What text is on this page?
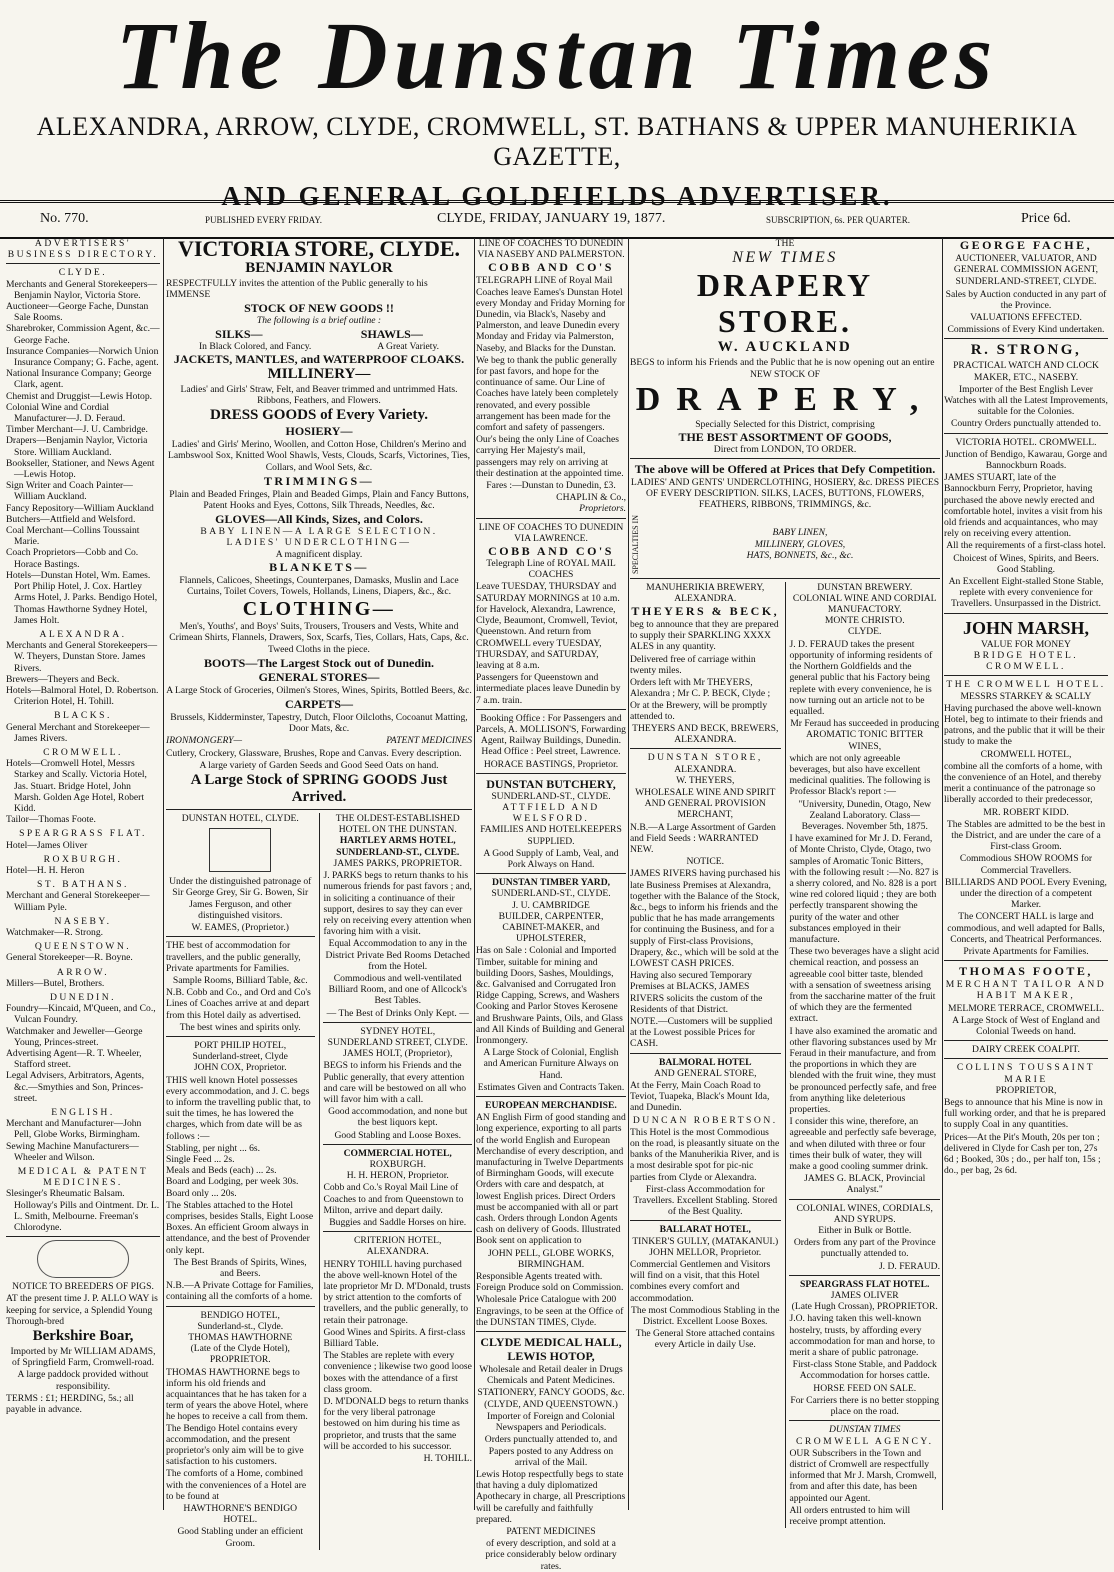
The Dunstan Times
ALEXANDRA, ARROW, CLYDE, CROMWELL, ST. BATHANS & UPPER MANUHERIKIA GAZETTE,
AND GENERAL GOLDFIELDS ADVERTISER.
No. 770.	PUBLISHED EVERY FRIDAY.	CLYDE, FRIDAY, JANUARY 19, 1877.	SUBSCRIPTION, 6s. PER QUARTER.	Price 6d.
ADVERTISERS'
BUSINESS DIRECTORY.
CLYDE.
Merchants and General Storekeepers—Benjamin Naylor, Victoria Store.
Auctioneer—George Fache, Dunstan Sale Rooms.
Sharebroker, Commission Agent, &c.—George Fache.
Insurance Companies—Norwich Union Insurance Company; G. Fache, agent.
National Insurance Company; George Clark, agent.
Chemist and Druggist—Lewis Hotop.
Colonial Wine and Cordial Manufacturer—J. D. Feraud.
Timber Merchant—J. U. Cambridge.
Drapers—Benjamin Naylor, Victoria Store. William Auckland.
Bookseller, Stationer, and News Agent—Lewis Hotop.
Sign Writer and Coach Painter—William Auckland.
Fancy Repository—William Auckland
Butchers—Attfield and Welsford.
Coal Merchant—Collins Toussaint Marie.
Coach Proprietors—Cobb and Co. Horace Bastings.
Hotels—Dunstan Hotel, Wm. Eames. Port Philip Hotel, J. Cox. Hartley Arms Hotel, J. Parks. Bendigo Hotel, Thomas Hawthorne Sydney Hotel, James Holt.
ALEXANDRA.
Merchants and General Storekeepers—W. Theyers, Dunstan Store. James Rivers.
Brewers—Theyers and Beck.
Hotels—Balmoral Hotel, D. Robertson. Criterion Hotel, H. Tohill.
BLACKS.
General Merchant and Storekeeper—James Rivers.
CROMWELL.
Hotels—Cromwell Hotel, Messrs Starkey and Scally. Victoria Hotel, Jas. Stuart. Bridge Hotel, John Marsh. Golden Age Hotel, Robert Kidd.
Tailor—Thomas Foote.
SPEARGRASS FLAT.
Hotel—James Oliver
ROXBURGH.
Hotel—H. H. Heron
ST. BATHANS.
Merchant and General Storekeeper—William Pyle.
NASEBY.
Watchmaker—R. Strong.
QUEENSTOWN.
General Storekeeper—R. Boyne.
ARROW.
Millers—Butel, Brothers.
DUNEDIN.
Foundry—Kincaid, M'Queen, and Co., Vulcan Foundry.
Watchmaker and Jeweller—George Young, Princes-street.
Advertising Agent—R. T. Wheeler, Stafford street.
Legal Advisers, Arbitrators, Agents, &c.—Smythies and Son, Princes-street.
ENGLISH.
Merchant and Manufacturer—John Pell, Globe Works, Birmingham.
Sewing Machine Manufacturers—Wheeler and Wilson.
MEDICAL & PATENT MEDICINES.
Slesinger's Rheumatic Balsam. Holloway's Pills and Ointment. Dr. L. L. Smith, Melbourne. Freeman's Chlorodyne.
NOTICE TO BREEDERS OF PIGS.

AT the present time J. P. ALLO WAY is keeping for service, a Splendid Young Thorough-bred

Berkshire Boar,

Imported by Mr WILLIAM ADAMS, of Springfield Farm, Cromwell-road.

A large paddock provided without responsibility.

TERMS : £1; HERDING, 5s.; all payable in advance.

VICTORIA STORE, CLYDE.
BENJAMIN NAYLOR

RESPECTFULLY invites the attention of the Public generally to his IMMENSE

STOCK OF NEW GOODS !!
The following is a brief outline :
SILKS—	SHAWLS—
In Black Colored, and Fancy.	A Great Variety.
JACKETS, MANTLES, and WATERPROOF CLOAKS.
MILLINERY—

Ladies' and Girls' Straw, Felt, and Beaver trimmed and untrimmed Hats. Ribbons, Feathers, and Flowers.

DRESS GOODS of Every Variety.
HOSIERY—

Ladies' and Girls' Merino, Woollen, and Cotton Hose, Children's Merino and Lambswool Sox, Knitted Wool Shawls, Vests, Clouds, Scarfs, Victorines, Ties, Collars, and Wool Sets, &c.

TRIMMINGS—

Plain and Beaded Fringes, Plain and Beaded Gimps, Plain and Fancy Buttons, Patent Hooks and Eyes, Cottons, Silk Threads, Needles, &c.

GLOVES—All Kinds, Sizes, and Colors.
BABY LINEN—A LARGE SELECTION.
LADIES' UNDERCLOTHING—
A magnificent display.
BLANKETS—

Flannels, Calicoes, Sheetings, Counterpanes, Damasks, Muslin and Lace Curtains, Toilet Covers, Towels, Hollands, Linens, Diapers, &c., &c.

CLOTHING—

Men's, Youths', and Boys' Suits, Trousers, Trousers and Vests, White and Crimean Shirts, Flannels, Drawers, Sox, Scarfs, Ties, Collars, Hats, Caps, &c. Tweed Cloths in the piece.

BOOTS—The Largest Stock out of Dunedin.
GENERAL STORES—

A Large Stock of Groceries, Oilmen's Stores, Wines, Spirits, Bottled Beers, &c.

CARPETS—

Brussels, Kidderminster, Tapestry, Dutch, Floor Oilcloths, Cocoanut Matting, Door Mats, &c.

IRONMONGERY—	PATENT MEDICINES

Cutlery, Crockery, Glassware, Brushes, Rope and Canvas. Every description.

A large variety of Garden Seeds and Good Seed Oats on hand.

A Large Stock of SPRING GOODS Just Arrived.
DUNSTAN HOTEL, CLYDE.

Under the distinguished patronage of Sir George Grey, Sir G. Bowen, Sir James Ferguson, and other distinguished visitors.

W. EAMES, (Proprietor.)

THE best of accommodation for travellers, and the public generally, Private apartments for Families.

Sample Rooms, Billiard Table, &c.

N.B. Cobb and Co., and Ord and Co's Lines of Coaches arrive at and depart from this Hotel daily as advertised.

The best wines and spirits only.

PORT PHILIP HOTEL,
Sunderland-street, Clyde
JOHN COX, Proprietor.

THIS well known Hotel possesses every accommodation, and J. C. begs to inform the travelling public that, to suit the times, he has lowered the charges, which from date will be as follows :—

Stabling, per night ... 6s.
Single Feed ... 2s.
Meals and Beds (each) ... 2s.
Board and Lodging, per week 30s.
Board only ... 20s.

The Stables attached to the Hotel comprises, besides Stalls, Eight Loose Boxes. An efficient Groom always in attendance, and the best of Provender only kept.

The Best Brands of Spirits, Wines, and Beers.

N.B.—A Private Cottage for Families, containing all the comforts of a home.

BENDIGO HOTEL,
Sunderland-st., Clyde.
THOMAS HAWTHORNE
(Late of the Clyde Hotel), PROPRIETOR.

THOMAS HAWTHORNE begs to inform his old friends and acquaintances that he has taken for a term of years the above Hotel, where he hopes to receive a call from them. The Bendigo Hotel contains every accommodation, and the present proprietor's only aim will be to give satisfaction to his customers.

The comforts of a Home, combined with the conveniences of a Hotel are to be found at

HAWTHORNE'S BENDIGO HOTEL.

Good Stabling under an efficient Groom.

THE OLDEST-ESTABLISHED HOTEL ON THE DUNSTAN.
HARTLEY ARMS HOTEL, SUNDERLAND-ST., CLYDE.
JAMES PARKS, PROPRIETOR.

J. PARKS begs to return thanks to his numerous friends for past favors ; and, in soliciting a continuance of their support, desires to say they can ever rely on receiving every attention when favoring him with a visit.

Equal Accommodation to any in the District Private Bed Rooms Detached from the Hotel.

Commodious and well-ventilated Billiard Room, and one of Allcock's Best Tables.

— The Best of Drinks Only Kept. —

SYDNEY HOTEL,
SUNDERLAND STREET, CLYDE.
JAMES HOLT, (Proprietor),

BEGS to inform his Friends and the Public generally, that every attention and care will be bestowed on all who will favor him with a call.

Good accommodation, and none but the best liquors kept.

Good Stabling and Loose Boxes.

COMMERCIAL HOTEL,
ROXBURGH.
H. H. HERON, Proprietor.

Cobb and Co.'s Royal Mail Line of Coaches to and from Queenstown to Milton, arrive and depart daily.

Buggies and Saddle Horses on hire.

CRITERION HOTEL,
ALEXANDRA.

HENRY TOHILL having purchased the above well-known Hotel of the late proprietor Mr D. M'Donald, trusts by strict attention to the comforts of travellers, and the public generally, to retain their patronage.

Good Wines and Spirits. A first-class Billiard Table.

The Stables are replete with every convenience ; likewise two good loose boxes with the attendance of a first class groom.

D. M'DONALD begs to return thanks for the very liberal patronage bestowed on him during his time as proprietor, and trusts that the same will be accorded to his successor.

H. TOHILL.
LINE OF COACHES TO DUNEDIN VIA NASEBY AND PALMERSTON.
COBB AND CO'S

TELEGRAPH LINE of Royal Mail Coaches leave Eames's Dunstan Hotel every Monday and Friday Morning for Dunedin, via Black's, Naseby and Palmerston, and leave Dunedin every Monday and Friday via Palmerston, Naseby, and Blacks for the Dunstan.

We beg to thank the public generally for past favors, and hope for the continuance of same. Our Line of Coaches have lately been completely renovated, and every possible arrangement has been made for the comfort and safety of passengers.

Our's being the only Line of Coaches carrying Her Majesty's mail, passengers may rely on arriving at their destination at the appointed time.

Fares :—Dunstan to Dunedin, £3.

CHAPLIN & Co.,
Proprietors.
LINE OF COACHES TO DUNEDIN VIA LAWRENCE.
COBB AND CO'S
Telegraph Line of ROYAL MAIL COACHES

Leave TUESDAY, THURSDAY and SATURDAY MORNINGS at 10 a.m. for Havelock, Alexandra, Lawrence, Clyde, Beaumont, Cromwell, Teviot, Queenstown. And return from CROMWELL every TUESDAY, THURSDAY, and SATURDAY, leaving at 8 a.m.

Passengers for Queenstown and intermediate places leave Dunedin by 7 a.m. train.

Booking Office : For Passengers and Parcels, A. MOLLISON'S, Forwarding Agent, Railway Buildings, Dunedin. Head Office : Peel street, Lawrence.

HORACE BASTINGS, Proprietor.
DUNSTAN BUTCHERY,
SUNDERLAND-ST., CLYDE.
ATTFIELD AND WELSFORD.
FAMILIES AND HOTELKEEPERS SUPPLIED.

A Good Supply of Lamb, Veal, and Pork Always on Hand.

DUNSTAN TIMBER YARD,
SUNDERLAND-ST., CLYDE.
J. U. CAMBRIDGE
BUILDER, CARPENTER, CABINET-MAKER, and UPHOLSTERER,

Has on Sale : Colonial and Imported Timber, suitable for mining and building Doors, Sashes, Mouldings, &c. Galvanised and Corrugated Iron Ridge Capping, Screws, and Washers Cooking and Parlor Stoves Kerosene and Brushware Paints, Oils, and Glass and All Kinds of Building and General Ironmongery.

A Large Stock of Colonial, English and American Furniture Always on Hand.

Estimates Given and Contracts Taken.

EUROPEAN MERCHANDISE.

AN English Firm of good standing and long experience, exporting to all parts of the world English and European Merchandise of every description, and manufacturing in Twelve Departments of Birmingham Goods, will execute Orders with care and despatch, at lowest English prices. Direct Orders must be accompanied with all or part cash. Orders through London Agents cash on delivery of Goods. Illustrated Book sent on application to

JOHN PELL, GLOBE WORKS, BIRMINGHAM.

Responsible Agents treated with. Foreign Produce sold on Commission.

Wholesale Price Catalogue with 200 Engravings, to be seen at the Office of the DUNSTAN TIMES, Clyde.

CLYDE MEDICAL HALL,
LEWIS HOTOP,

Wholesale and Retail dealer in Drugs Chemicals and Patent Medicines.

STATIONERY, FANCY GOODS, &c.
(CLYDE, AND QUEENSTOWN.)

Importer of Foreign and Colonial Newspapers and Periodicals.

Orders punctually attended to, and Papers posted to any Address on arrival of the Mail.

Lewis Hotop respectfully begs to state that having a duly diplomatized Apothecary in charge, all Prescriptions will be carefully and faithfully prepared.

PATENT MEDICINES

of every description, and sold at a price considerably below ordinary rates.

THE
NEW TIMES
DRAPERY STORE.
W. AUCKLAND

BEGS to inform his Friends and the Public that he is now opening out an entire

NEW STOCK OF
DRAPERY,
Specially Selected for this District, comprising
THE BEST ASSORTMENT OF GOODS,
Direct from LONDON, TO ORDER.
The above will be Offered at Prices that Defy Competition.

LADIES' AND GENTS' UNDERCLOTHING, HOSIERY, &c. DRESS PIECES OF EVERY DESCRIPTION. SILKS, LACES, BUTTONS, FLOWERS, FEATHERS, RIBBONS, TRIMMINGS, &c.

SPECIALTIES IN	BABY LINEN,
MILLINERY, GLOVES,
HATS, BONNETS, &c., &c.
MANUHERIKIA BREWERY,
ALEXANDRA.
THEYERS & BECK,

beg to announce that they are prepared to supply their SPARKLING XXXX ALES in any quantity.

Delivered free of carriage within twenty miles.

Orders left with Mr THEYERS, Alexandra ; Mr C. P. BECK, Clyde ; Or at the Brewery, will be promptly attended to.

THEYERS AND BECK, BREWERS, ALEXANDRA.

DUNSTAN STORE,
ALEXANDRA.
W. THEYERS,

WHOLESALE WINE AND SPIRIT AND GENERAL PROVISION MERCHANT,

N.B.—A Large Assortment of Garden and Field Seeds : WARRANTED NEW.

NOTICE.

JAMES RIVERS having purchased his late Business Premises at Alexandra, together with the Balance of the Stock, &c., begs to inform his friends and the public that he has made arrangements for continuing the Business, and for a supply of First-class Provisions, Drapery, &c., which will be sold at the LOWEST CASH PRICES.

Having also secured Temporary Premises at BLACKS, JAMES RIVERS solicits the custom of the Residents of that District.

NOTE.—Customers will be supplied at the Lowest possible Prices for CASH.

BALMORAL HOTEL
AND GENERAL STORE,

At the Ferry, Main Coach Road to Teviot, Tuapeka, Black's Mount Ida, and Dunedin.

DUNCAN ROBERTSON.

This Hotel is the most Commodious on the road, is pleasantly situate on the banks of the Manuherikia River, and is a most desirable spot for pic-nic parties from Clyde or Alexandra.

First-class Accommodation for Travellers. Excellent Stabling. Stored of the Best Quality.

BALLARAT HOTEL,
TINKER'S GULLY, (MATAKANUI.)
JOHN MELLOR, Proprietor.

Commercial Gentlemen and Visitors will find on a visit, that this Hotel combines every comfort and accommodation.

The most Commodious Stabling in the District. Excellent Loose Boxes.

The General Store attached contains every Article in daily Use.

DUNSTAN BREWERY.
COLONIAL WINE AND CORDIAL MANUFACTORY.
MONTE CHRISTO.
CLYDE.

J. D. FERAUD takes the present opportunity of informing residents of the Northern Goldfields and the general public that his Factory being replete with every convenience, he is now turning out an article not to be equalled.

Mr Feraud has succeeded in producing AROMATIC TONIC BITTER WINES,

which are not only agreeable beverages, but also have excellent medicinal qualities. The following is Professor Black's report :—

"University, Dunedin, Otago, New Zealand Laboratory. Class—Beverages. November 5th, 1875.

I have examined for Mr J. D. Ferand, of Monte Christo, Clyde, Otago, two samples of Aromatic Tonic Bitters, with the following result :—No. 827 is a sherry colored, and No. 828 is a port wine red colored liquid ; they are both perfectly transparent showing the purity of the water and other substances employed in their manufacture.

These two beverages have a slight acid chemical reaction, and possess an agreeable cool bitter taste, blended with a sensation of sweetness arising from the saccharine matter of the fruit of which they are the fermented extract.

I have also examined the aromatic and other flavoring substances used by Mr Feraud in their manufacture, and from the proportions in which they are blended with the fruit wine, they must be pronounced perfectly safe, and free from anything like deleterious properties.

I consider this wine, therefore, an agreeable and perfectly safe beverage, and when diluted with three or four times their bulk of water, they will make a good cooling summer drink.

JAMES G. BLACK, Provincial Analyst."
COLONIAL WINES, CORDIALS, AND SYRUPS.
Either in Bulk or Bottle.

Orders from any part of the Province punctually attended to.

J. D. FERAUD.
SPEARGRASS FLAT HOTEL.
JAMES OLIVER
(Late Hugh Crossan), PROPRIETOR.

J.O. having taken this well-known hostelry, trusts, by affording every accommodation for man and horse, to merit a share of public patronage.

First-class Stone Stable, and Paddock Accommodation for horses cattle.

HORSE FEED ON SALE.

For Carriers there is no better stopping place on the road.

DUNSTAN TIMES
CROMWELL AGENCY.

OUR Subscribers in the Town and district of Cromwell are respectfully informed that Mr J. Marsh, Cromwell, from and after this date, has been appointed our Agent.

All orders entrusted to him will receive prompt attention.

GEORGE FACHE,

AUCTIONEER, VALUATOR, AND GENERAL COMMISSION AGENT,

SUNDERLAND-STREET, CLYDE.

Sales by Auction conducted in any part of the Province.

VALUATIONS EFFECTED.

Commissions of Every Kind undertaken.

R. STRONG,

PRACTICAL WATCH AND CLOCK MAKER, ETC., NASEBY.

Importer of the Best English Lever Watches with all the Latest Improvements, suitable for the Colonies.

Country Orders punctually attended to.

VICTORIA HOTEL. CROMWELL.

Junction of Bendigo, Kawarau, Gorge and Bannockburn Roads.

JAMES STUART, late of the Bannockburn Ferry, Proprietor, having purchased the above newly erected and comfortable hotel, invites a visit from his old friends and acquaintances, who may rely on receiving every attention.

All the requirements of a first-class hotel.

Choicest of Wines, Spirits, and Beers. Good Stabling.

An Excellent Eight-stalled Stone Stable, replete with every convenience for Travellers. Unsurpassed in the District.

JOHN MARSH,
VALUE FOR MONEY
BRIDGE HOTEL. CROMWELL.
THE CROMWELL HOTEL.
MESSRS STARKEY & SCALLY

Having purchased the above well-known Hotel, beg to intimate to their friends and patrons, and the public that it will be their study to make the

CROMWELL HOTEL,

combine all the comforts of a home, with the convenience of an Hotel, and thereby merit a continuance of the patronage so liberally accorded to their predecessor,

MR. ROBERT KIDD.

The Stables are admitted to be the best in the District, and are under the care of a First-class Groom.

Commodious SHOW ROOMS for Commercial Travellers.

BILLIARDS AND POOL Every Evening, under the direction of a competent Marker.

The CONCERT HALL is large and commodious, and well adapted for Balls, Concerts, and Theatrical Performances.

Private Apartments for Families.

THOMAS FOOTE,

MERCHANT TAILOR AND HABIT MAKER,

MELMORE TERRACE, CROMWELL.

A Large Stock of West of England and Colonial Tweeds on hand.

DAIRY CREEK COALPIT.
COLLINS TOUSSAINT MARIE
PROPRIETOR,

Begs to announce that his Mine is now in full working order, and that he is prepared to supply Coal in any quantities.

Prices—At the Pit's Mouth, 20s per ton ; delivered in Clyde for Cash per ton, 27s 6d ; Booked, 30s ; do., per half ton, 15s ; do., per bag, 2s 6d.
